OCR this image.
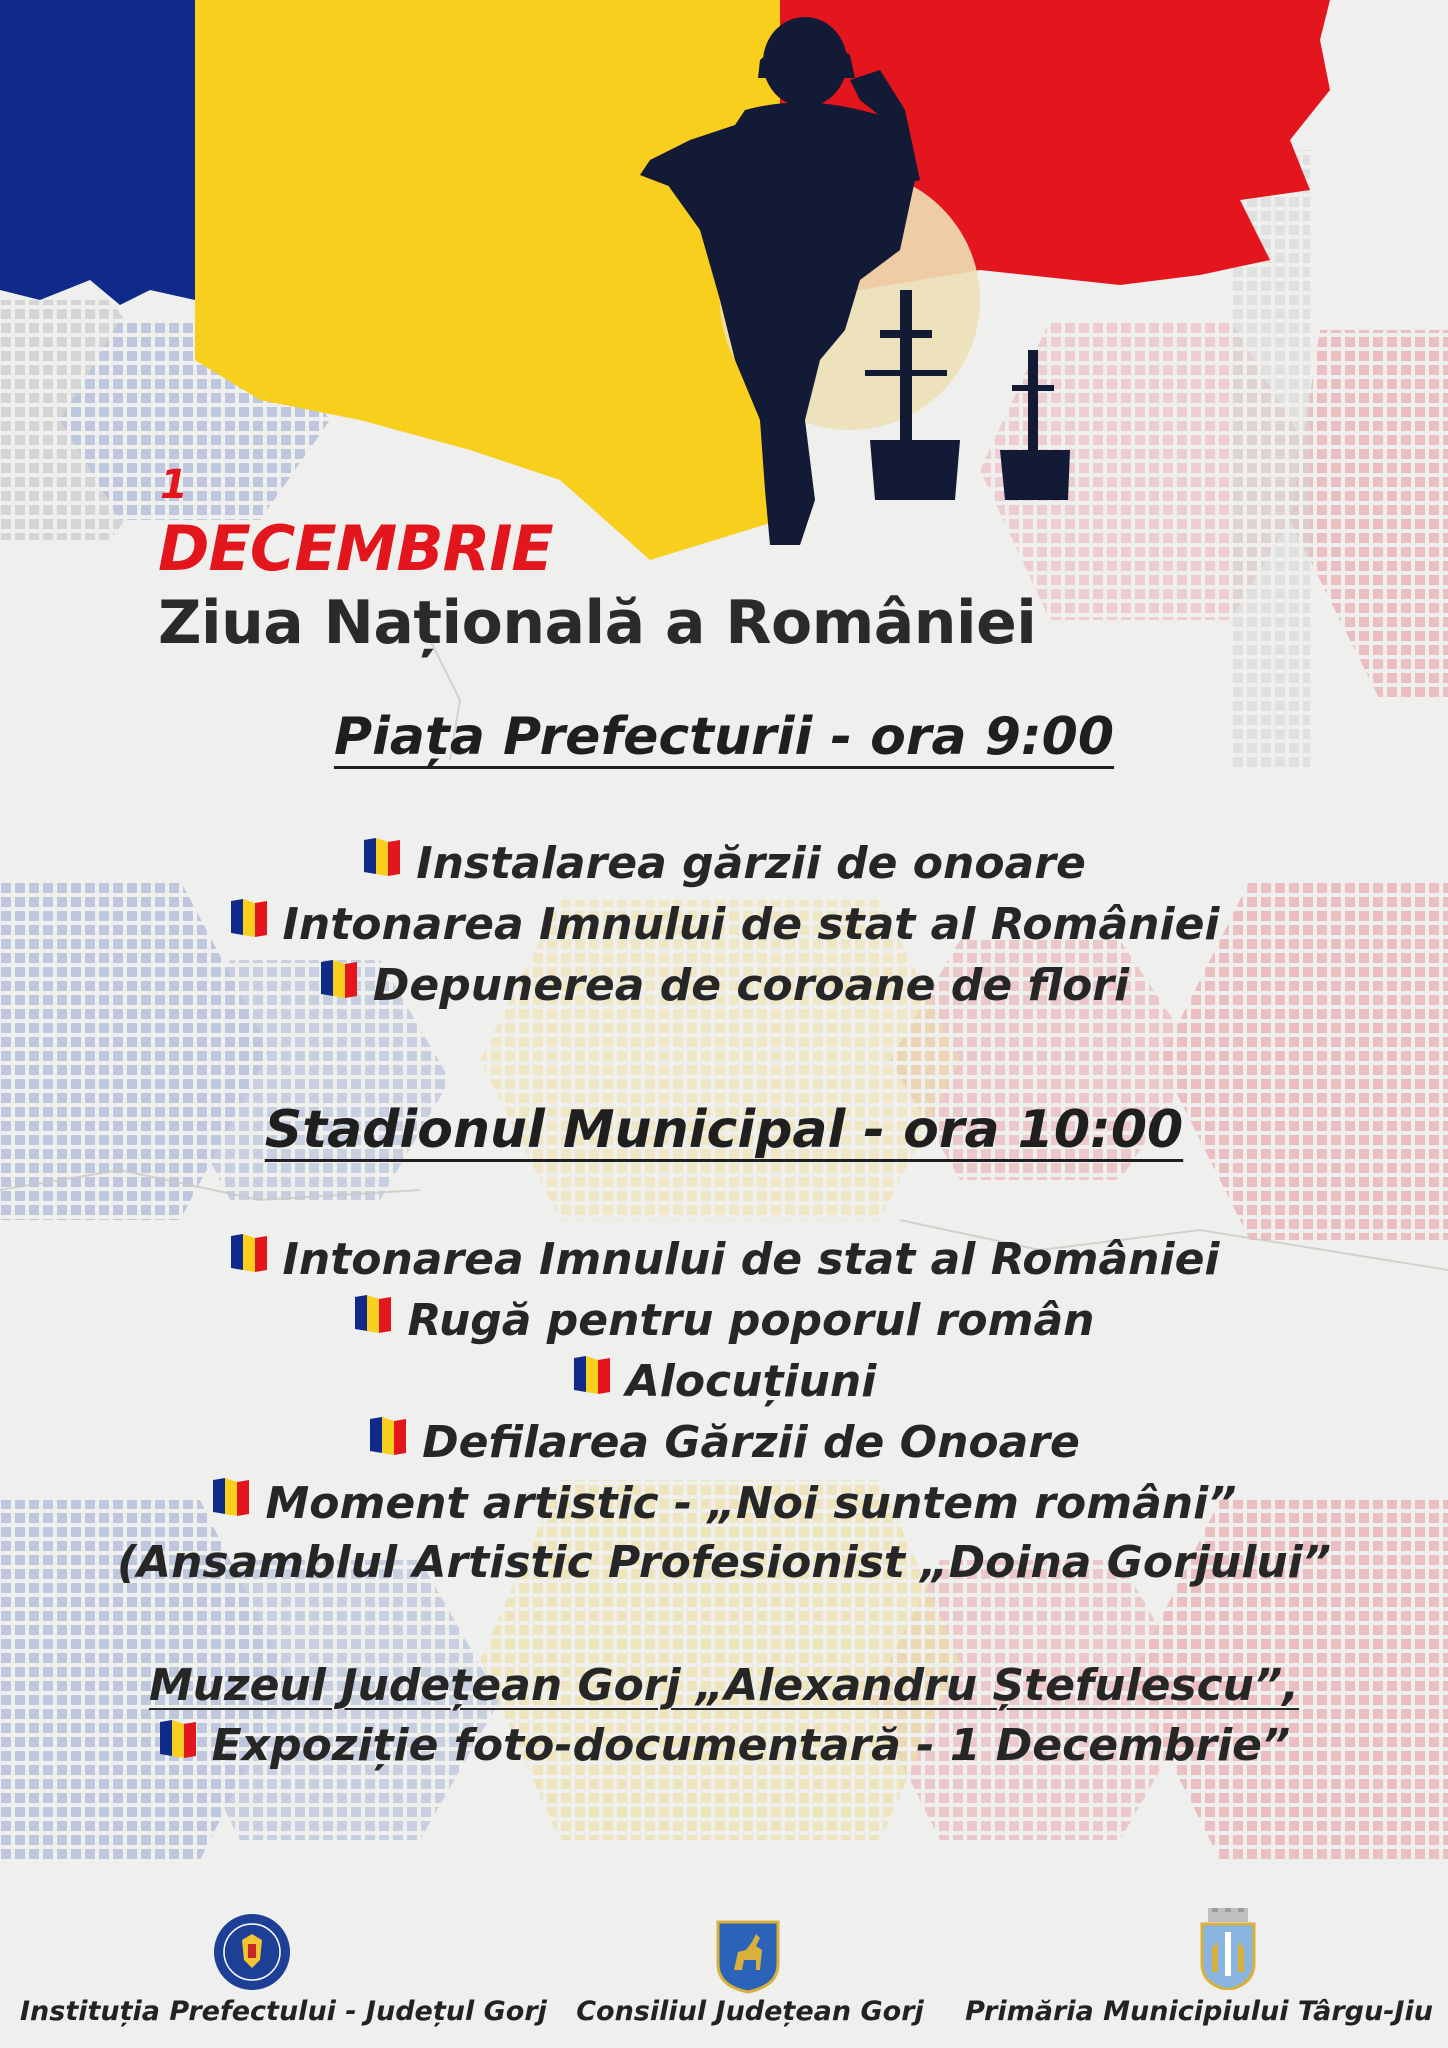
1
DECEMBRIE
Ziua Națională a României
Piața Prefecturii - ora 9:00
Instalarea gărzii de onoare
Intonarea Imnului de stat al României
Depunerea de coroane de flori
Stadionul Municipal - ora 10:00
Intonarea Imnului de stat al României
Rugă pentru poporul român
Alocuțiuni
Defilarea Gărzii de Onoare
Moment artistic - „Noi suntem români”
(Ansamblul Artistic Profesionist „Doina Gorjului”
Muzeul Județean Gorj „Alexandru Ștefulescu”,
Expoziție foto-documentară - 1 Decembrie”
Instituția Prefectului - Județul Gorj	Consiliul Județean Gorj	Primăria Municipiului Târgu-Jiu
